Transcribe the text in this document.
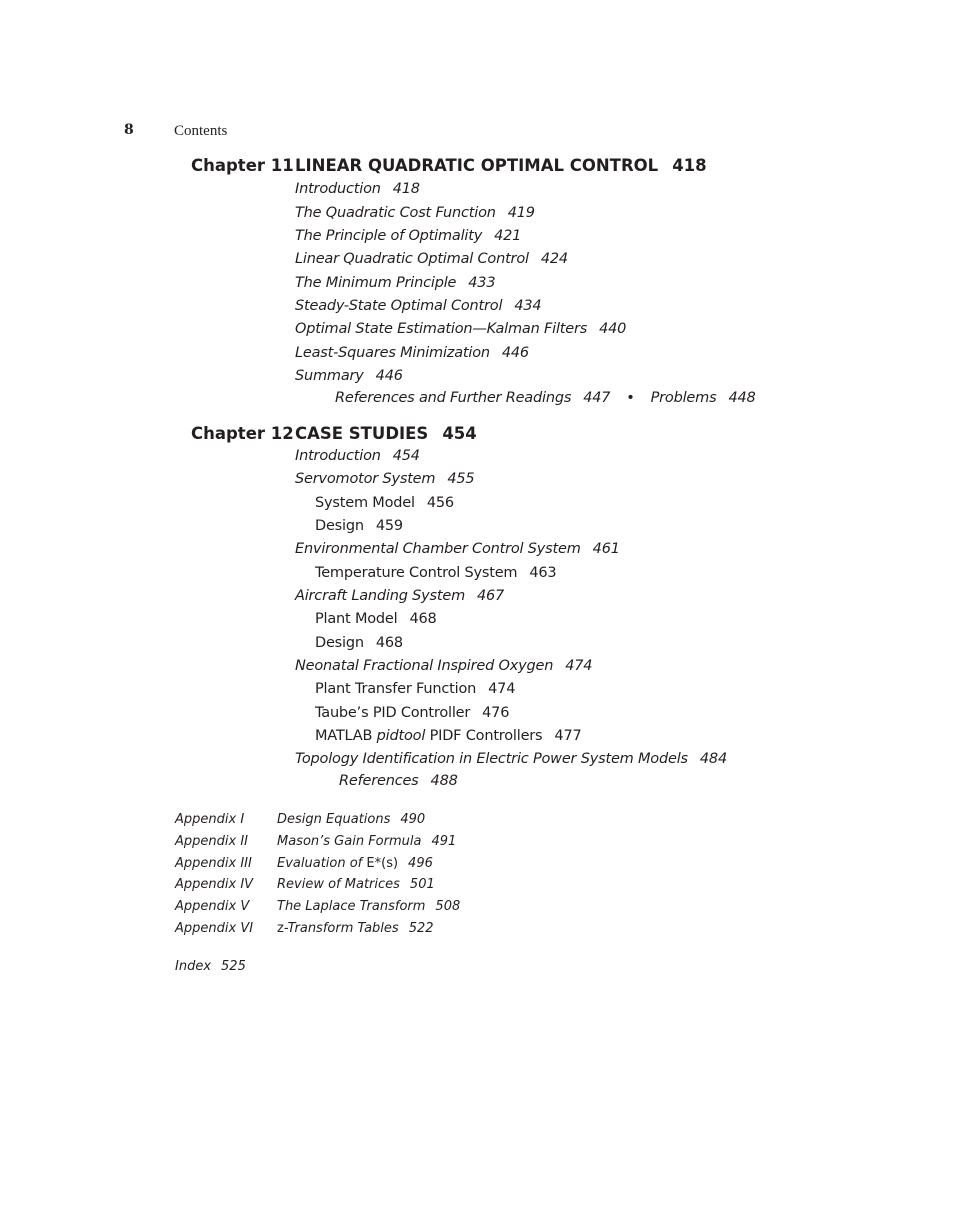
8	Contents
Chapter 11 LINEAR QUADRATIC OPTIMAL CONTROL 418
Introduction 418
The Quadratic Cost Function 419
The Principle of Optimality 421
Linear Quadratic Optimal Control 424
The Minimum Principle 433
Steady-State Optimal Control 434
Optimal State Estimation—Kalman Filters 440
Least-Squares Minimization 446
Summary 446
References and Further Readings 447 • Problems 448
Chapter 12 CASE STUDIES 454
Introduction 454
Servomotor System 455
System Model 456
Design 459
Environmental Chamber Control System 461
Temperature Control System 463
Aircraft Landing System 467
Plant Model 468
Design 468
Neonatal Fractional Inspired Oxygen 474
Plant Transfer Function 474
Taube’s PID Controller 476
MATLAB pidtool PIDF Controllers 477
Topology Identification in Electric Power System Models 484
References 488
Appendix I	Design Equations 490
Appendix II Mason’s Gain Formula 491
Appendix III Evaluation of E*(s) 496
Appendix IV Review of Matrices 501
Appendix V The Laplace Transform 508
Appendix VI z-Transform Tables 522
Index 525
